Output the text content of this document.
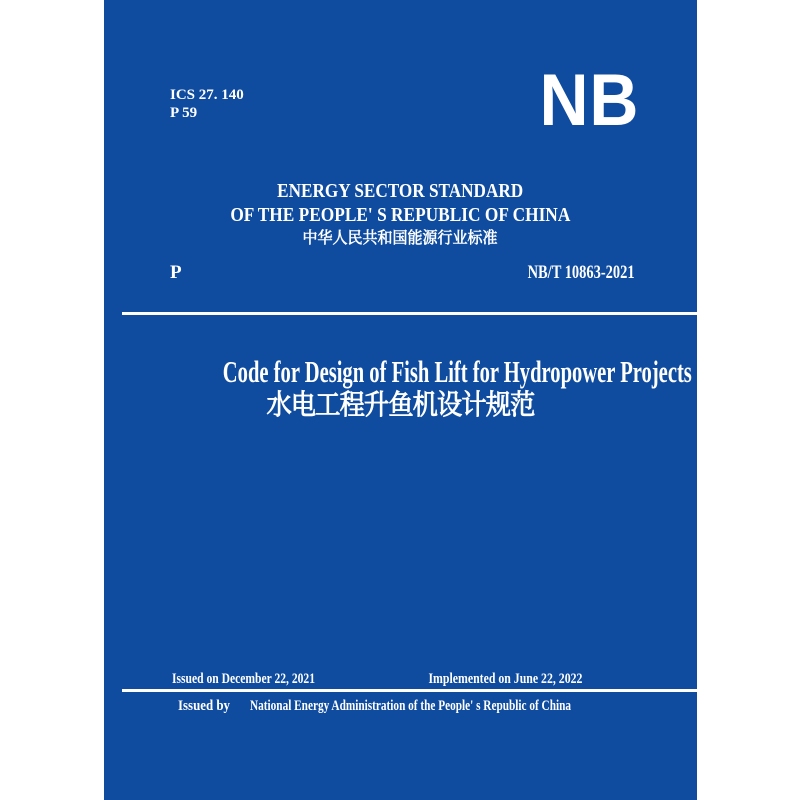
ICS 27. 140
P 59	NB
ENERGY SECTOR STANDARD
OF THE PEOPLE' S REPUBLIC OF CHINA
中华人民共和国能源行业标准
P	NB/T 10863-2021
Code for Design of Fish Lift for Hydropower Projects
水电工程升鱼机设计规范
Issued on December 22, 2021	Implemented on June 22, 2022
Issued by	National Energy Administration of the People' s Republic of China
